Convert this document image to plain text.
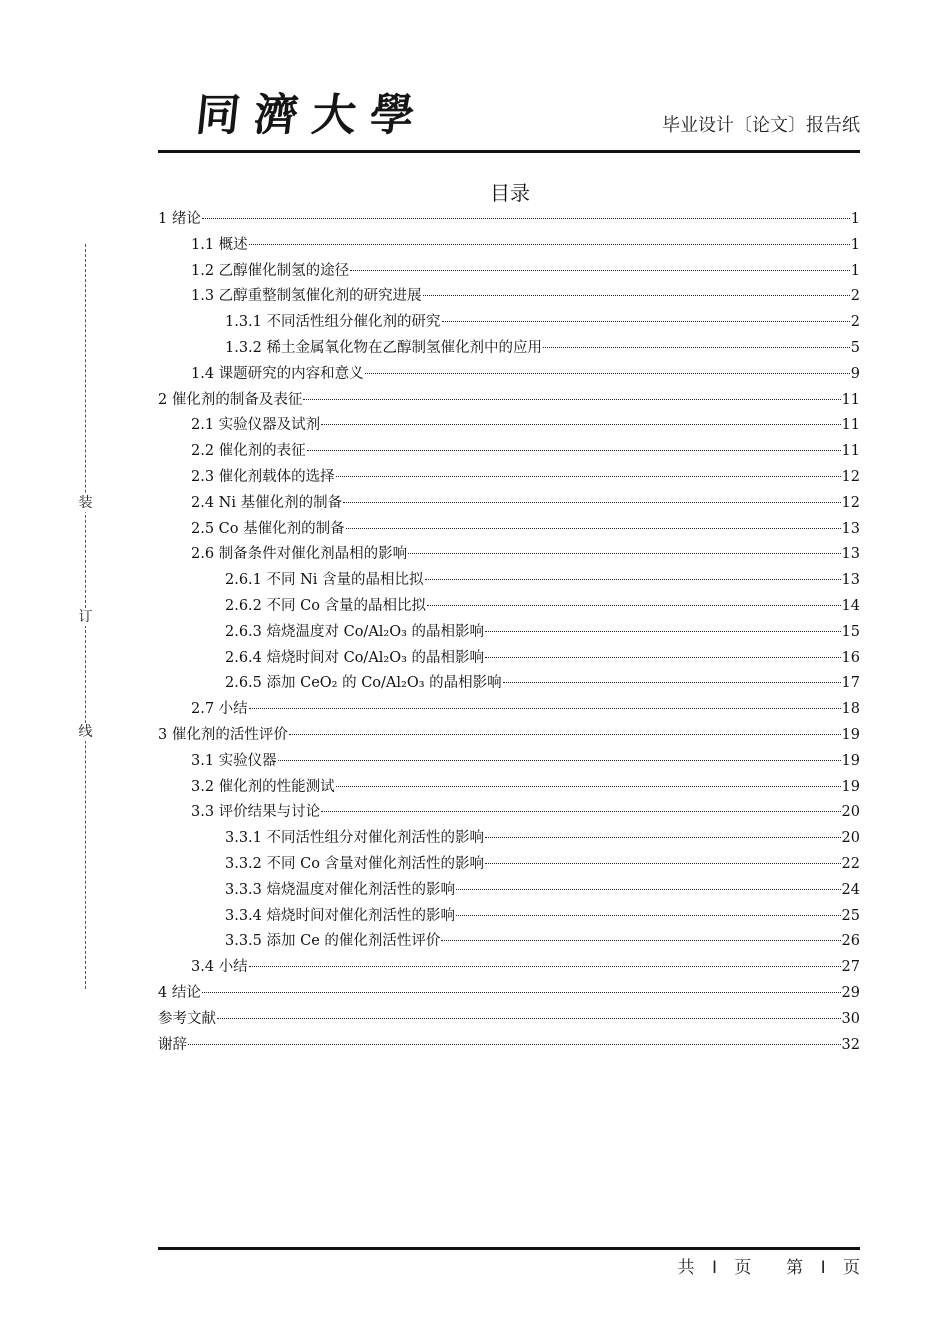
同濟大學	毕业设计〔论文〕报告纸
装
订
线
目录
1 绪论	1
1.1 概述	1
1.2 乙醇催化制氢的途径	1
1.3 乙醇重整制氢催化剂的研究进展	2
1.3.1 不同活性组分催化剂的研究	2
1.3.2 稀土金属氧化物在乙醇制氢催化剂中的应用	5
1.4 课题研究的内容和意义	9
2 催化剂的制备及表征	11
2.1 实验仪器及试剂	11
2.2 催化剂的表征	11
2.3 催化剂载体的选择	12
2.4 Ni 基催化剂的制备	12
2.5 Co 基催化剂的制备	13
2.6 制备条件对催化剂晶相的影响	13
2.6.1 不同 Ni 含量的晶相比拟	13
2.6.2 不同 Co 含量的晶相比拟	14
2.6.3 焙烧温度对 Co/Al₂O₃ 的晶相影响	15
2.6.4 焙烧时间对 Co/Al₂O₃ 的晶相影响	16
2.6.5 添加 CeO₂ 的 Co/Al₂O₃ 的晶相影响	17
2.7 小结	18
3 催化剂的活性评价	19
3.1 实验仪器	19
3.2 催化剂的性能测试	19
3.3 评价结果与讨论	20
3.3.1 不同活性组分对催化剂活性的影响	20
3.3.2 不同 Co 含量对催化剂活性的影响	22
3.3.3 焙烧温度对催化剂活性的影响	24
3.3.4 焙烧时间对催化剂活性的影响	25
3.3.5 添加 Ce 的催化剂活性评价	26
3.4 小结	27
4 结论	29
参考文献	30
谢辞	32
共 I 页 第 I 页
